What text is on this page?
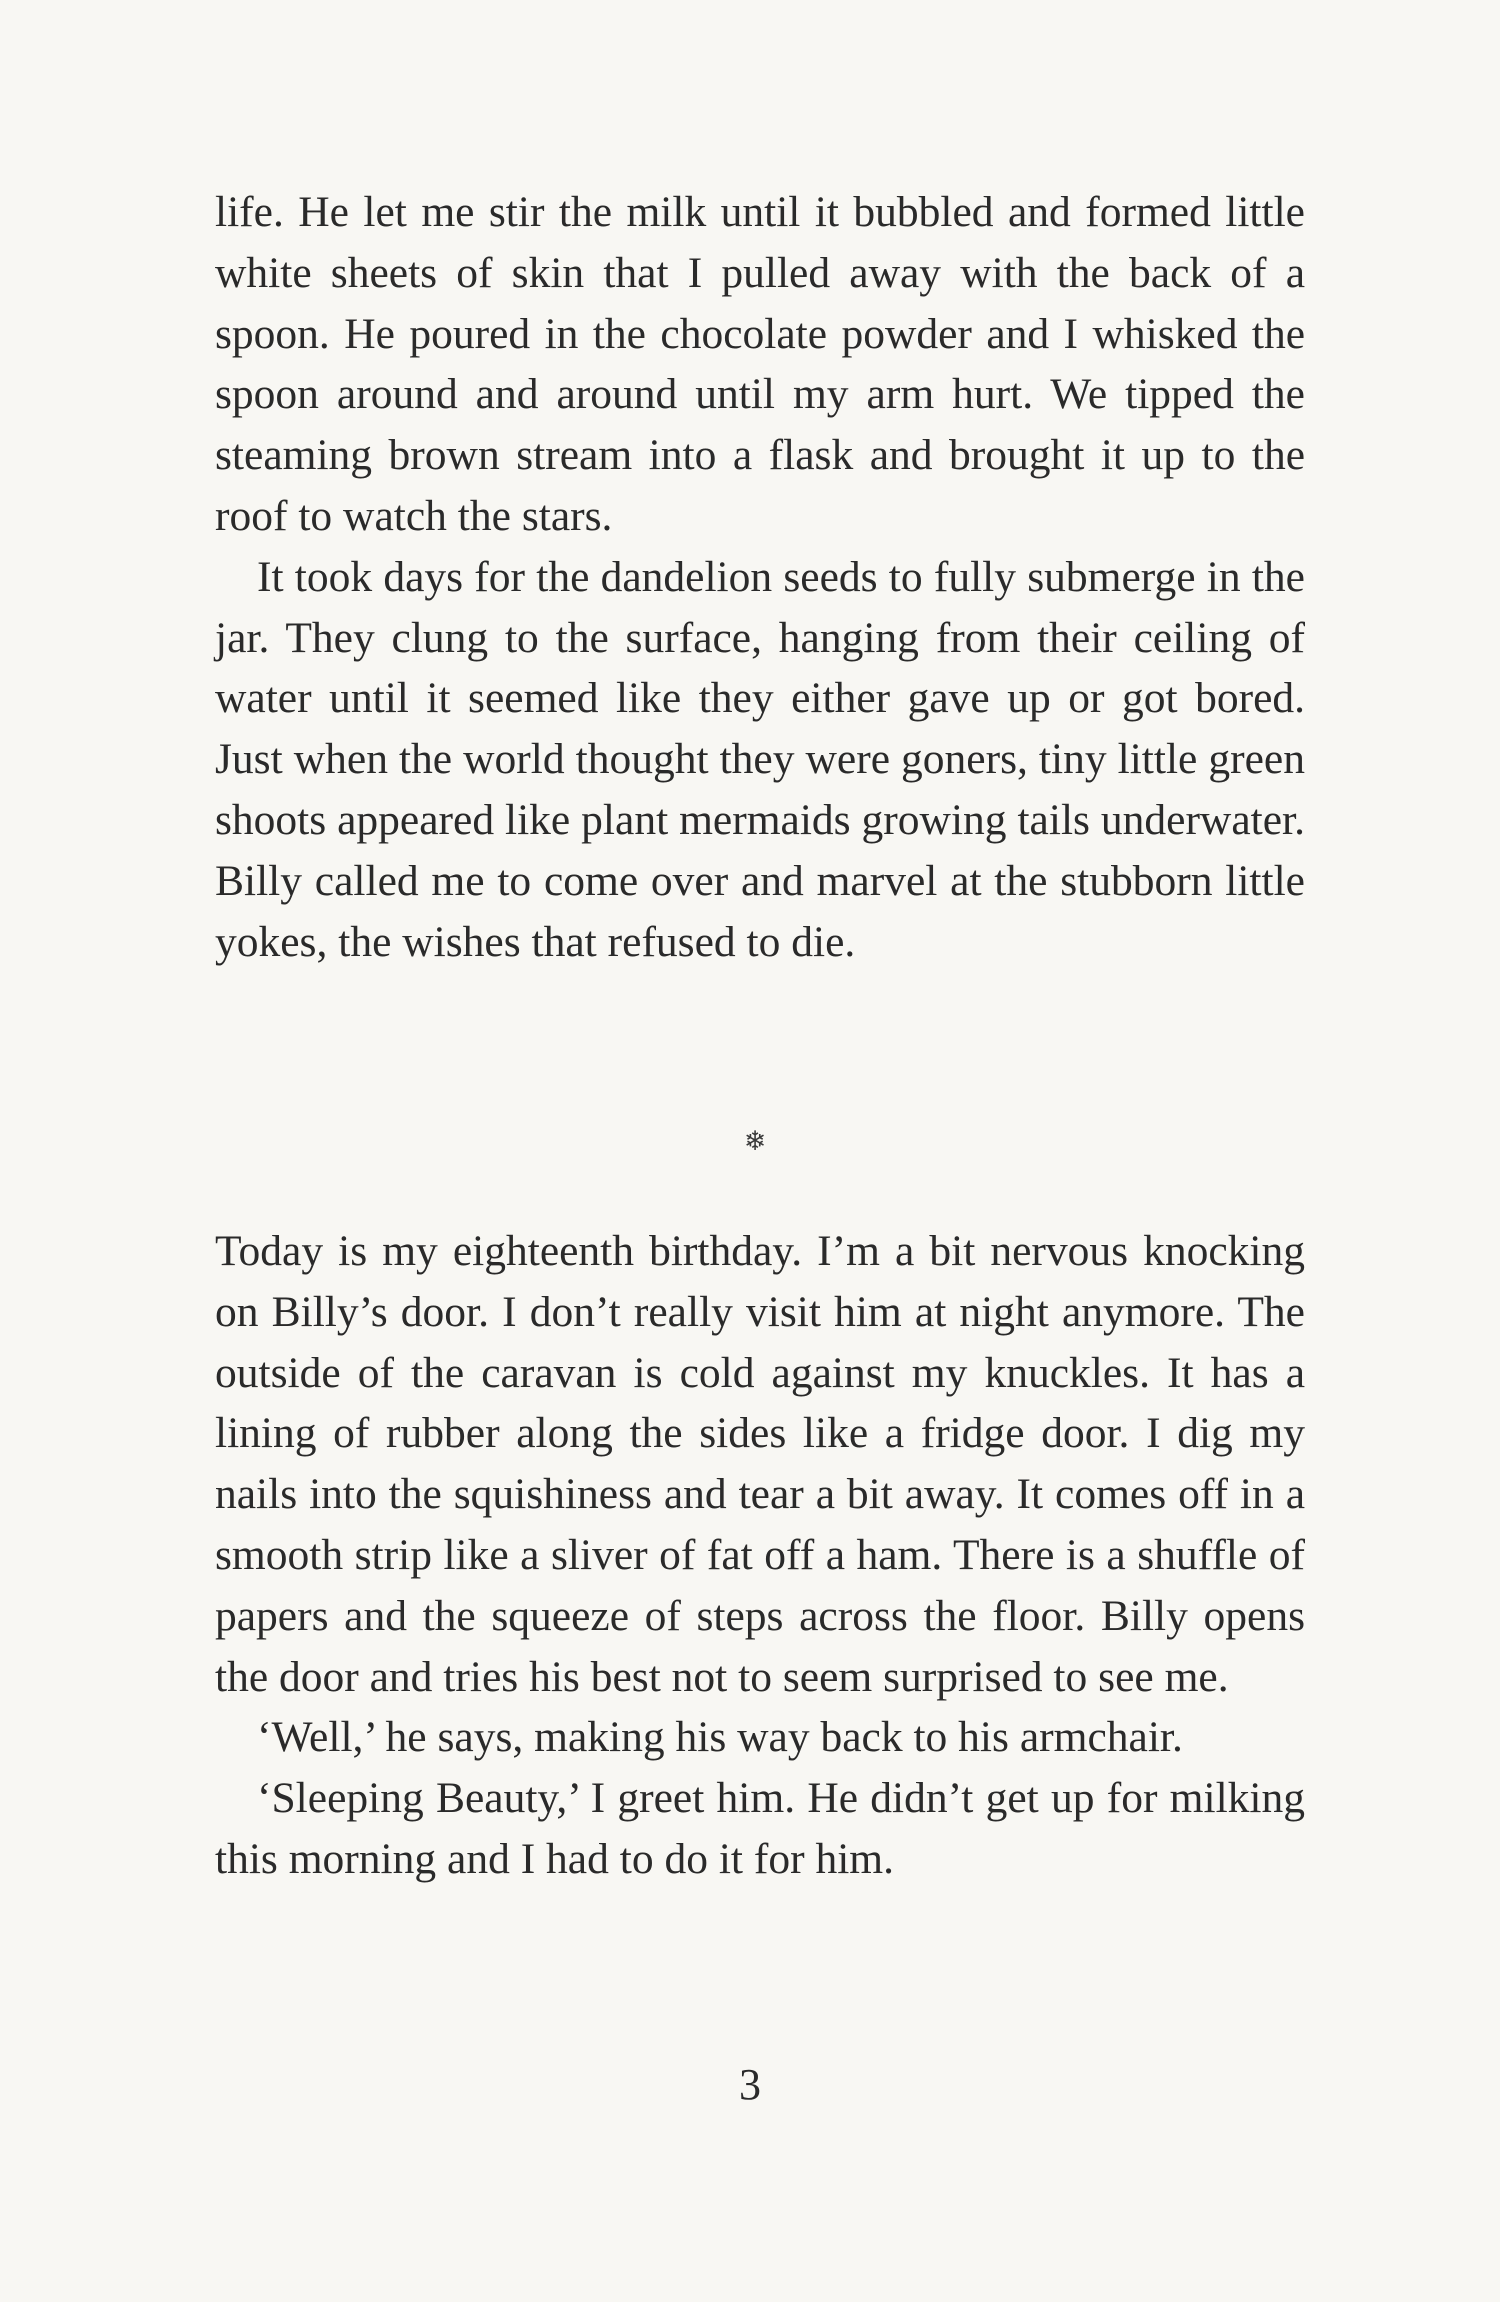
life. He let me stir the milk until it bubbled and formed little white sheets of skin that I pulled away with the back of a spoon. He poured in the chocolate powder and I whisked the spoon around and around until my arm hurt. We tipped the steaming brown stream into a flask and brought it up to the roof to watch the stars.

It took days for the dandelion seeds to fully submerge in the jar. They clung to the surface, hanging from their ceiling of water until it seemed like they either gave up or got bored. Just when the world thought they were goners, tiny little green shoots appeared like plant mermaids growing tails underwater. Billy called me to come over and marvel at the stubborn little yokes, the wishes that refused to die.

❄

Today is my eighteenth birthday. I’m a bit nervous knocking on Billy’s door. I don’t really visit him at night anymore. The outside of the caravan is cold against my knuckles. It has a lining of rubber along the sides like a fridge door. I dig my nails into the squishiness and tear a bit away. It comes off in a smooth strip like a sliver of fat off a ham. There is a shuffle of papers and the squeeze of steps across the floor. Billy opens the door and tries his best not to seem surprised to see me.

‘Well,’ he says, making his way back to his armchair.

‘Sleeping Beauty,’ I greet him. He didn’t get up for milking this morning and I had to do it for him.

3
